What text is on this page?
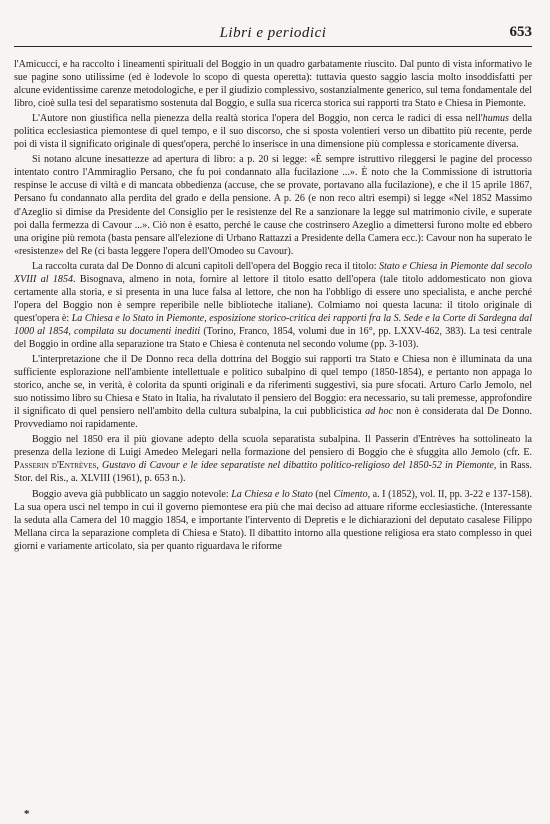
Libri e periodici	653

l'Amicucci, e ha raccolto i lineamenti spirituali del Boggio in un quadro garbatamente riuscito. Dal punto di vista informativo le sue pagine sono utilissime (ed è lodevole lo scopo di questa operetta): tuttavia questo saggio lascia molto insoddisfatti per alcune evidentissime carenze metodologiche, e per il giudizio complessivo, sostanzialmente generico, sul tema fondamentale del libro, cioè sulla tesi del separatismo sostenuta dal Boggio, e sulla sua ricerca storica sui rapporti tra Stato e Chiesa in Piemonte.

L'Autore non giustifica nella pienezza della realtà storica l'opera del Boggio, non cerca le radici di essa nell'humus della politica ecclesiastica piemontese di quel tempo, e il suo discorso, che si sposta volentieri verso un dibattito più recente, perde poi di vista il significato originale di quest'opera, perché lo inserisce in una dimensione più complessa e storicamente diversa.

Si notano alcune inesattezze ad apertura di libro: a p. 20 si legge: «È sempre istruttivo rileggersi le pagine del processo intentato contro l'Ammiraglio Persano, che fu poi condannato alla fucilazione ...». È noto che la Commissione di istruttoria respinse le accuse di viltà e di mancata obbedienza (accuse, che se provate, portavano alla fucilazione), e che il 15 aprile 1867, Persano fu condannato alla perdita del grado e della pensione. A p. 26 (e non reco altri esempi) si legge «Nel 1852 Massimo d'Azeglio si dimise da Presidente del Consiglio per le resistenze del Re a sanzionare la legge sul matrimonio civile, e superate poi dalla fermezza di Cavour ...». Ciò non è esatto, perché le cause che costrinsero Azeglio a dimettersi furono molte ed ebbero una origine più remota (basta pensare all'elezione di Urbano Rattazzi a Presidente della Camera ecc.): Cavour non ha superato le «resistenze» del Re (ci basta leggere l'opera dell'Omodeo su Cavour).

La raccolta curata dal De Donno di alcuni capitoli dell'opera del Boggio reca il titolo: Stato e Chiesa in Piemonte dal secolo XVIII al 1854. Bisognava, almeno in nota, fornire al lettore il titolo esatto dell'opera (tale titolo addomesticato non giova certamente alla storia, e si presenta in una luce falsa al lettore, che non ha l'obbligo di essere uno specialista, e anche perché l'opera del Boggio non è sempre reperibile nelle biblioteche italiane). Colmiamo noi questa lacuna: il titolo originale di quest'opera è: La Chiesa e lo Stato in Piemonte, esposizione storico-critica dei rapporti fra la S. Sede e la Corte di Sardegna dal 1000 al 1854, compilata su documenti inediti (Torino, Franco, 1854, volumi due in 16°, pp. LXXV-462, 383). La tesi centrale del Boggio in ordine alla separazione tra Stato e Chiesa è contenuta nel secondo volume (pp. 3-103).

L'interpretazione che il De Donno reca della dottrina del Boggio sui rapporti tra Stato e Chiesa non è illuminata da una sufficiente esplorazione nell'ambiente intellettuale e politico subalpino di quel tempo (1850-1854), e pertanto non appaga lo storico, anche se, in verità, è colorita da spunti originali e da riferimenti suggestivi, sia pure sfocati. Arturo Carlo Jemolo, nel suo notissimo libro su Chiesa e Stato in Italia, ha rivalutato il pensiero del Boggio: era necessario, su tali premesse, approfondire il significato di quel pensiero nell'ambito della cultura subalpina, la cui pubblicistica ad hoc non è considerata dal De Donno. Provvediamo noi rapidamente.

Boggio nel 1850 era il più giovane adepto della scuola separatista subalpina. Il Passerin d'Entrèves ha sottolineato la presenza della lezione di Luigi Amedeo Melegari nella formazione del pensiero di Boggio che è sfuggita allo Jemolo (cfr. E. Passerin d'Entrèves, Gustavo di Cavour e le idee separatiste nel dibattito politico-religioso del 1850-52 in Piemonte, in Rass. Stor. del Ris., a. XLVIII (1961), p. 653 n.).

Boggio aveva già pubblicato un saggio notevole: La Chiesa e lo Stato (nel Cimento, a. I (1852), vol. II, pp. 3-22 e 137-158). La sua opera uscì nel tempo in cui il governo piemontese era più che mai deciso ad attuare riforme ecclesiastiche. (Interessante la seduta alla Camera del 10 maggio 1854, e importante l'intervento di Depretis e le dichiarazioni del deputato casalese Filippo Mellana circa la separazione completa di Chiesa e Stato). Il dibattito intorno alla questione religiosa era stato complesso in quei giorni e variamente articolato, sia per quanto riguardava le riforme

*
